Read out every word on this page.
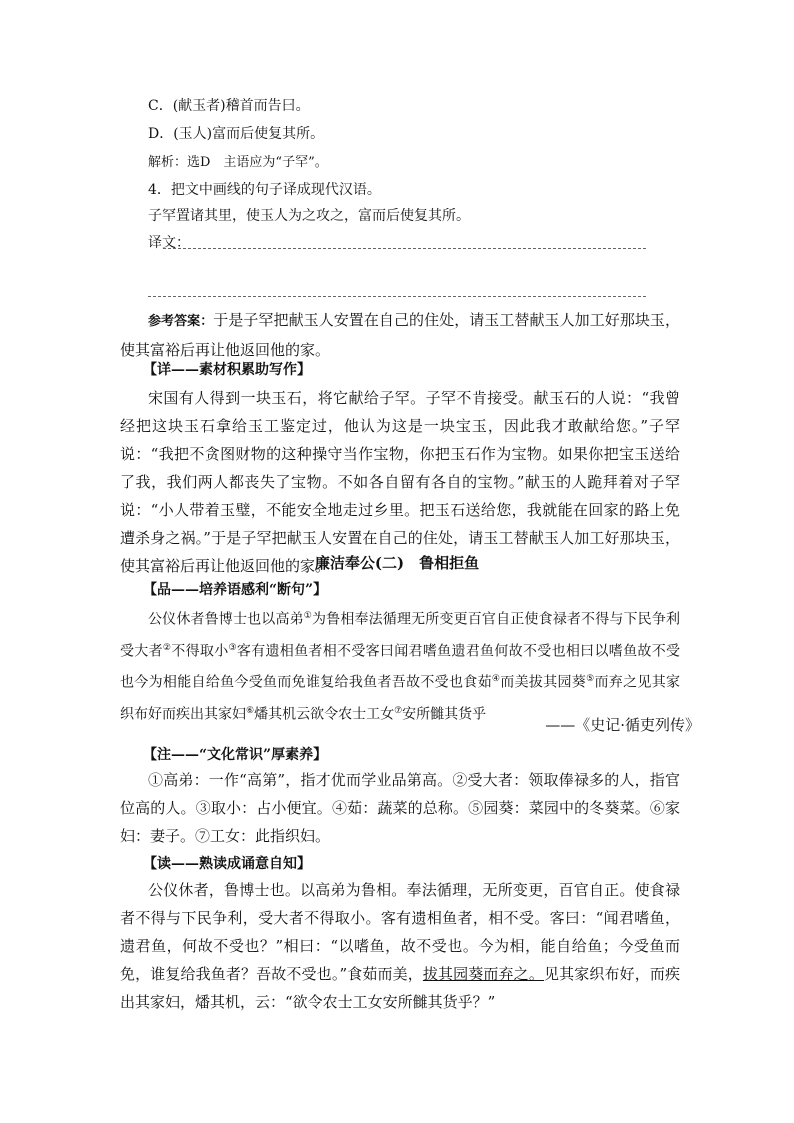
C．(献玉者)稽首而告曰。
D．(玉人)富而后使复其所。
解析：选D　主语应为“子罕”。
4．把文中画线的句子译成现代汉语。
子罕置诸其里，使玉人为之攻之，富而后使复其所。
译文：
参考答案：于是子罕把献玉人安置在自己的住处，请玉工替献玉人加工好那块玉，使其富裕后再让他返回他的家。
【详——素材积累助写作】
宋国有人得到一块玉石，将它献给子罕。子罕不肯接受。献玉石的人说：“我曾经把这块玉石拿给玉工鉴定过，他认为这是一块宝玉，因此我才敢献给您。”子罕说：“我把不贪图财物的这种操守当作宝物，你把玉石作为宝物。如果你把宝玉送给了我，我们两人都丧失了宝物。不如各自留有各自的宝物。”献玉的人跪拜着对子罕说：“小人带着玉璧，不能安全地走过乡里。把玉石送给您，我就能在回家的路上免遭杀身之祸。”于是子罕把献玉人安置在自己的住处，请玉工替献玉人加工好那块玉，使其富裕后再让他返回他的家。
廉洁奉公(二)　鲁相拒鱼
【品——培养语感利“断句”】
公仪休者鲁博士也以高弟①为鲁相奉法循理无所变更百官自正使食禄者不得与下民争利受大者②不得取小③客有遗相鱼者相不受客曰闻君嗜鱼遗君鱼何故不受也相曰以嗜鱼故不受也今为相能自给鱼今受鱼而免谁复给我鱼者吾故不受也食茹④而美拔其园葵⑤而弃之见其家织布好而疾出其家妇⑥燔其机云欲令农士工女⑦安所雠其货乎
——《史记·循吏列传》
【注——“文化常识”厚素养】
①高弟：一作“高第”，指才优而学业品第高。②受大者：领取俸禄多的人，指官位高的人。③取小：占小便宜。④茹：蔬菜的总称。⑤园葵：菜园中的冬葵菜。⑥家妇：妻子。⑦工女：此指织妇。
【读——熟读成诵意自知】
公仪休者，鲁博士也。以高弟为鲁相。奉法循理，无所变更，百官自正。使食禄者不得与下民争利，受大者不得取小。客有遗相鱼者，相不受。客曰：“闻君嗜鱼，遗君鱼，何故不受也？”相曰：“以嗜鱼，故不受也。今为相，能自给鱼；今受鱼而免，谁复给我鱼者？吾故不受也。”食茹而美，拔其园葵而弃之。见其家织布好，而疾出其家妇，燔其机，云：“欲令农士工女安所雠其货乎？”
